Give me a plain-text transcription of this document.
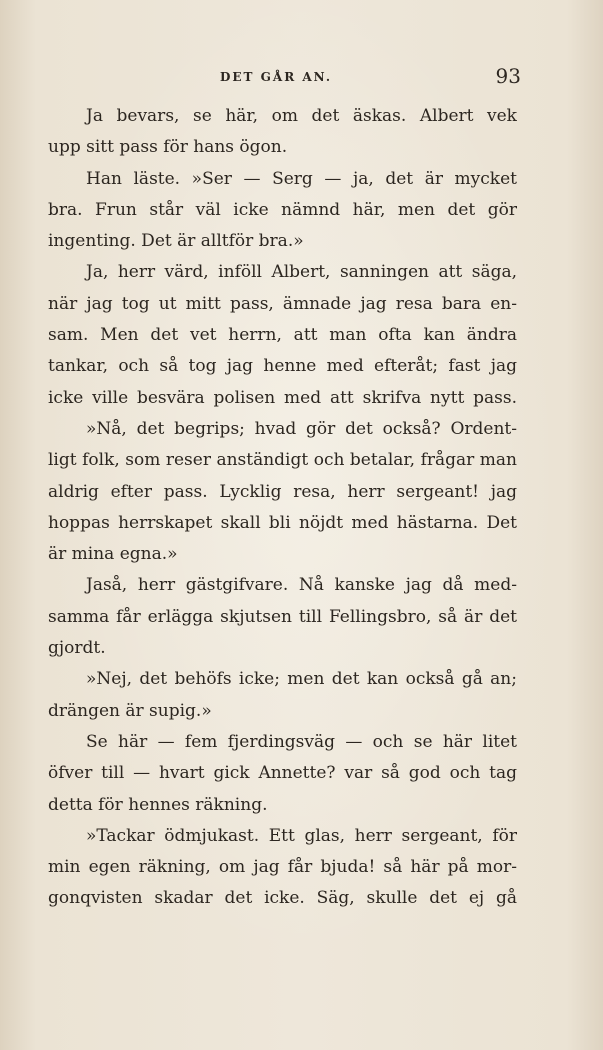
DET GÅR AN.	93
Ja bevars, se här, om det äskas. Albert vek
upp sitt pass för hans ögon.
Han läste. »Ser — Serg — ja, det är mycket
bra. Frun står väl icke nämnd här, men det gör
ingenting. Det är alltför bra.»
Ja, herr värd, inföll Albert, sanningen att säga,
när jag tog ut mitt pass, ämnade jag resa bara en-
sam. Men det vet herrn, att man ofta kan ändra
tankar, och så tog jag henne med efteråt; fast jag
icke ville besvära polisen med att skrifva nytt pass.
»Nå, det begrips; hvad gör det också? Ordent-
ligt folk, som reser anständigt och betalar, frågar man
aldrig efter pass. Lycklig resa, herr sergeant! jag
hoppas herrskapet skall bli nöjdt med hästarna. Det
är mina egna.»
Jaså, herr gästgifvare. Nå kanske jag då med-
samma får erlägga skjutsen till Fellingsbro, så är det
gjordt.
»Nej, det behöfs icke; men det kan också gå an;
drängen är supig.»
Se här — fem fjerdingsväg — och se här litet
öfver till — hvart gick Annette? var så god och tag
detta för hennes räkning.
»Tackar ödmjukast. Ett glas, herr sergeant, för
min egen räkning, om jag får bjuda! så här på mor-
gonqvisten skadar det icke. Säg, skulle det ej gå
